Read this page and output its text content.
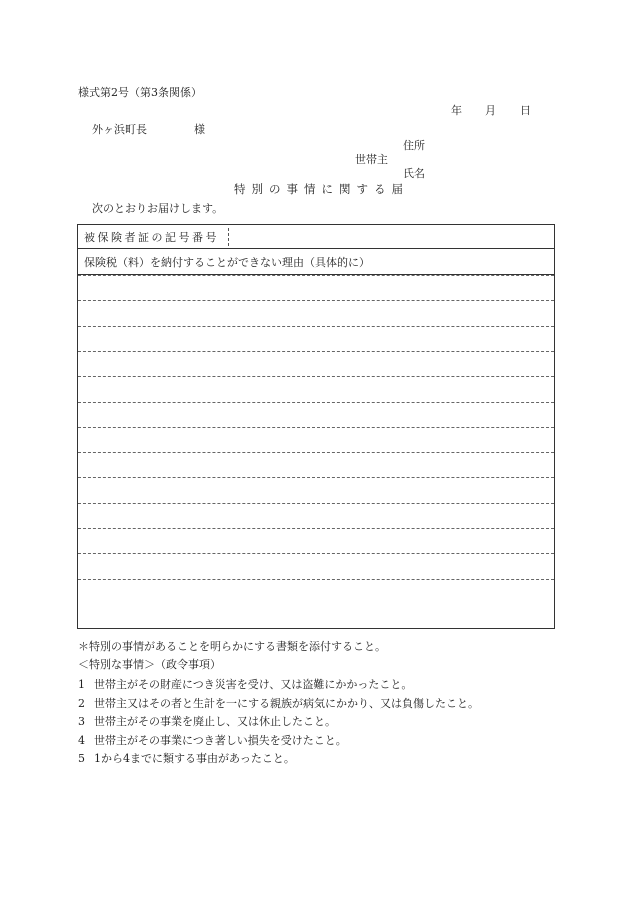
様式第2号（第3条関係）
年 月 日
外ヶ浜町長	様
住所
世帯主
氏名
特別の事情に関する届
次のとおりお届けします。
被保険者証の記号番号
保険税（料）を納付することができない理由（具体的に）
＊特別の事情があることを明らかにする書類を添付すること。
＜特別な事情＞（政令事項）
1 世帯主がその財産につき災害を受け、又は盗難にかかったこと。
2 世帯主又はその者と生計を一にする親族が病気にかかり、又は負傷したこと。
3 世帯主がその事業を廃止し、又は休止したこと。
4 世帯主がその事業につき著しい損失を受けたこと。
5 1から4までに類する事由があったこと。
